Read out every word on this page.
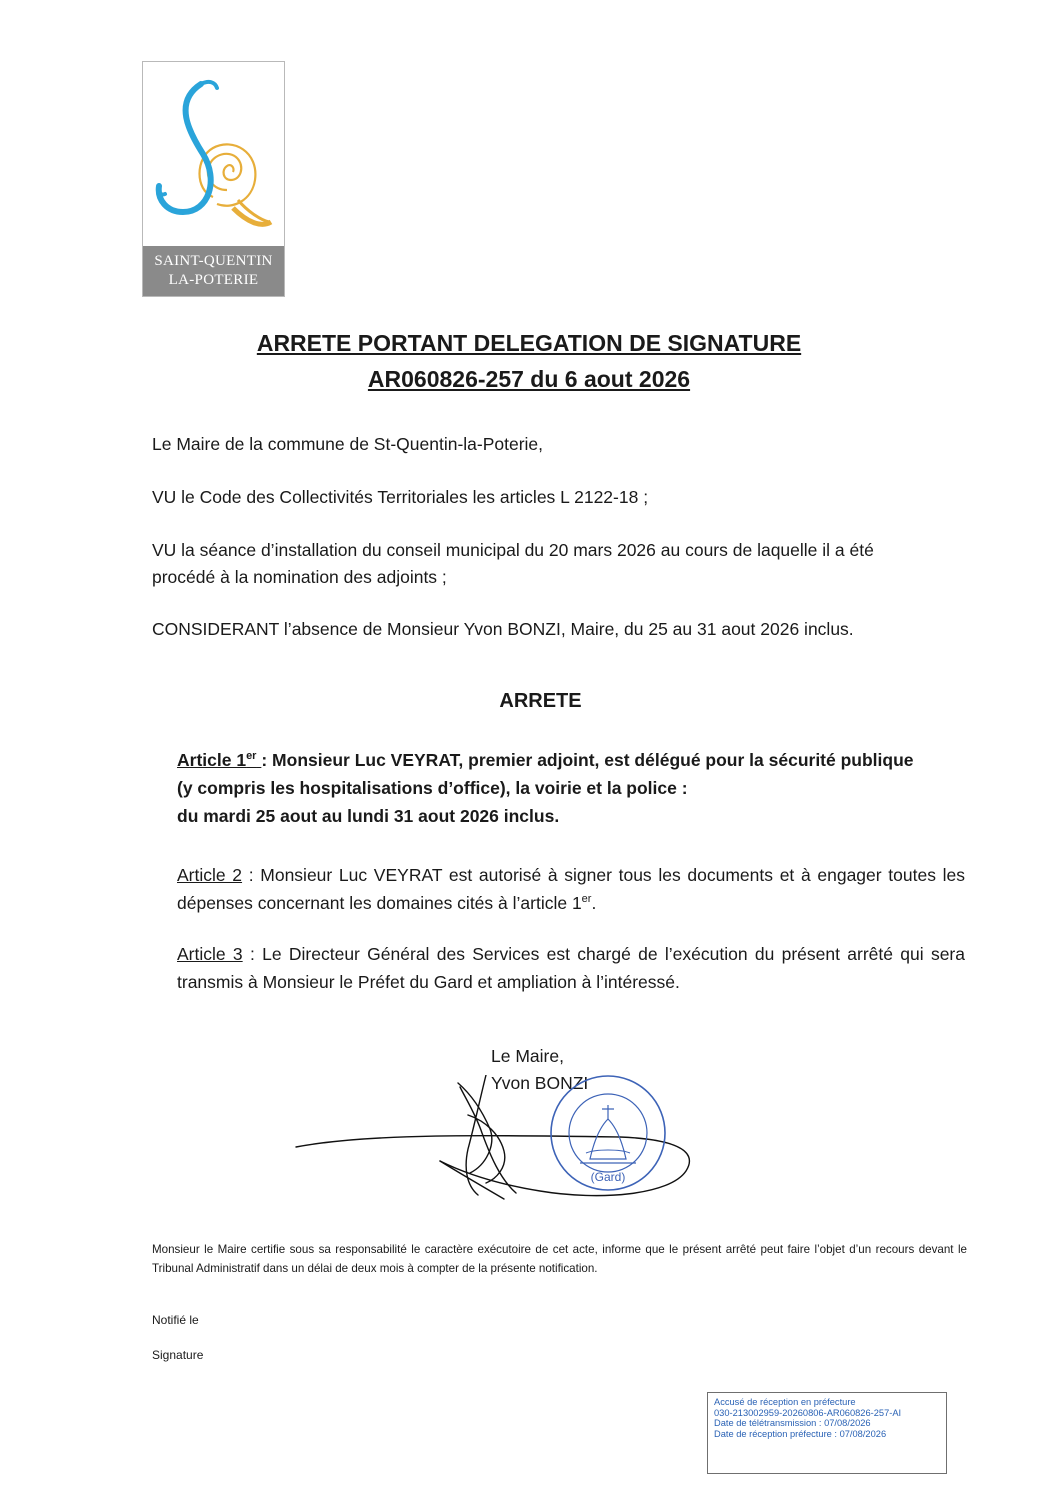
SAINT-QUENTIN
LA-POTERIE
ARRETE PORTANT DELEGATION DE SIGNATURE
AR060826-257 du 6 aout 2026
Le Maire de la commune de St-Quentin-la-Poterie,
VU le Code des Collectivités Territoriales les articles L 2122-18 ;
VU la séance d’installation du conseil municipal du 20 mars 2026 au cours de laquelle il a été
procédé à la nomination des adjoints ;
CONSIDERANT l’absence de Monsieur Yvon BONZI, Maire, du 25 au 31 aout 2026 inclus.
ARRETE
Article 1er : Monsieur Luc VEYRAT, premier adjoint, est délégué pour la sécurité publique
(y compris les hospitalisations d’office), la voirie et la police :
du mardi 25 aout au lundi 31 aout 2026 inclus.
Article 2 : Monsieur Luc VEYRAT est autorisé à signer tous les documents et à engager toutes les dépenses concernant les domaines cités à l’article 1er.
Article 3 : Le Directeur Général des Services est chargé de l’exécution du présent arrêté qui sera transmis à Monsieur le Préfet du Gard et ampliation à l’intéressé.
Le Maire,
Yvon BONZI
(Gard)
Monsieur le Maire certifie sous sa responsabilité le caractère exécutoire de cet acte, informe que le présent arrêté peut faire l’objet d’un recours devant le Tribunal Administratif dans un délai de deux mois à compter de la présente notification.
Notifié le
Signature
Accusé de réception en préfecture
030-213002959-20260806-AR060826-257-AI
Date de télétransmission : 07/08/2026
Date de réception préfecture : 07/08/2026
